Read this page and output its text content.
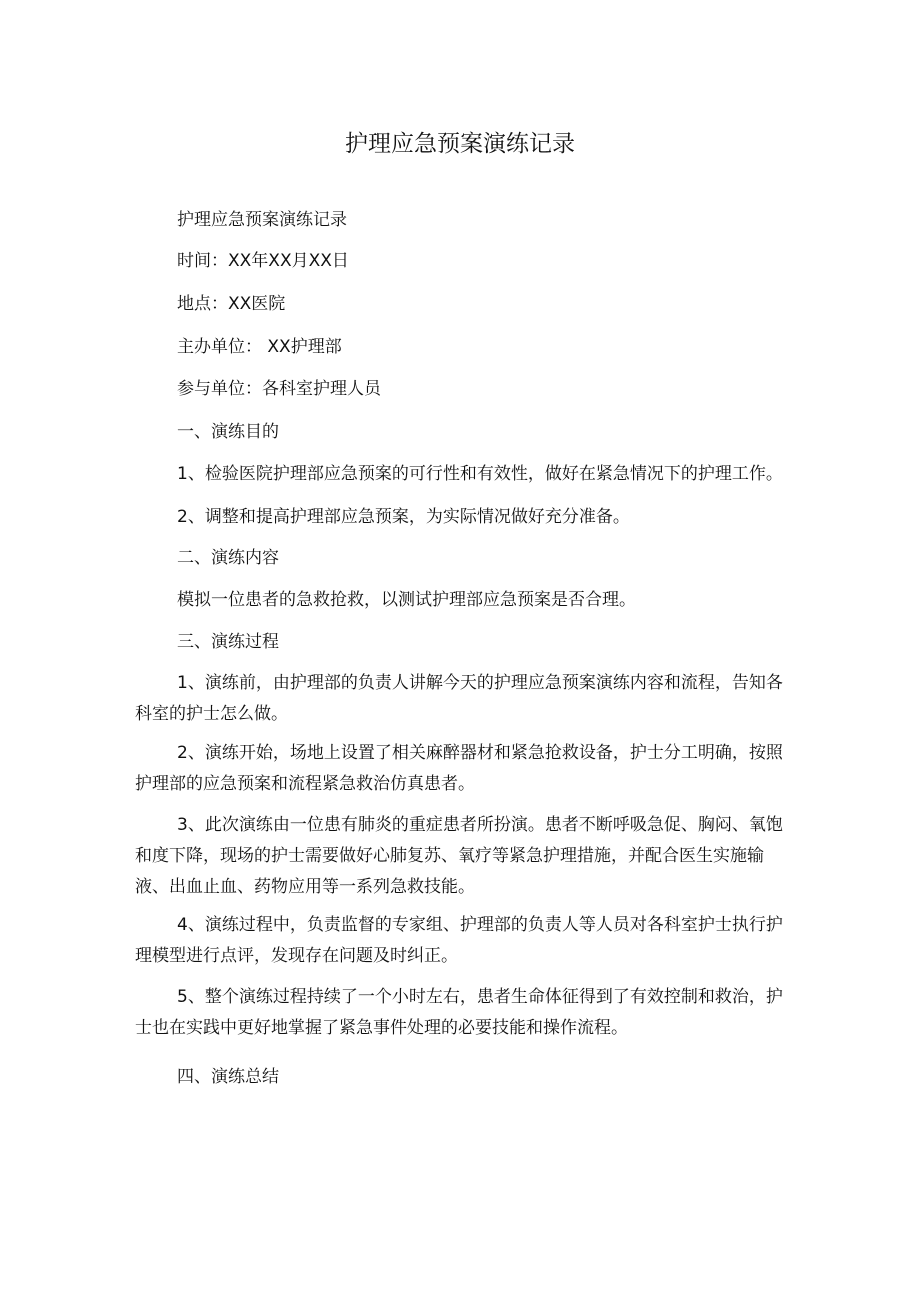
护理应急预案演练记录

护理应急预案演练记录

时间：XX年XX月XX日

地点：XX医院

主办单位： XX护理部

参与单位：各科室护理人员

一、演练目的

1、检验医院护理部应急预案的可行性和有效性，做好在紧急情况下的护理工作。

2、调整和提高护理部应急预案，为实际情况做好充分准备。

二、演练内容

模拟一位患者的急救抢救，以测试护理部应急预案是否合理。

三、演练过程

1、演练前，由护理部的负责人讲解今天的护理应急预案演练内容和流程，告知各科室的护士怎么做。

2、演练开始，场地上设置了相关麻醉器材和紧急抢救设备，护士分工明确，按照护理部的应急预案和流程紧急救治仿真患者。

3、此次演练由一位患有肺炎的重症患者所扮演。患者不断呼吸急促、胸闷、氧饱和度下降，现场的护士需要做好心肺复苏、氧疗等紧急护理措施，并配合医生实施输液、出血止血、药物应用等一系列急救技能。

4、演练过程中，负责监督的专家组、护理部的负责人等人员对各科室护士执行护理模型进行点评，发现存在问题及时纠正。

5、整个演练过程持续了一个小时左右，患者生命体征得到了有效控制和救治，护士也在实践中更好地掌握了紧急事件处理的必要技能和操作流程。

四、演练总结
